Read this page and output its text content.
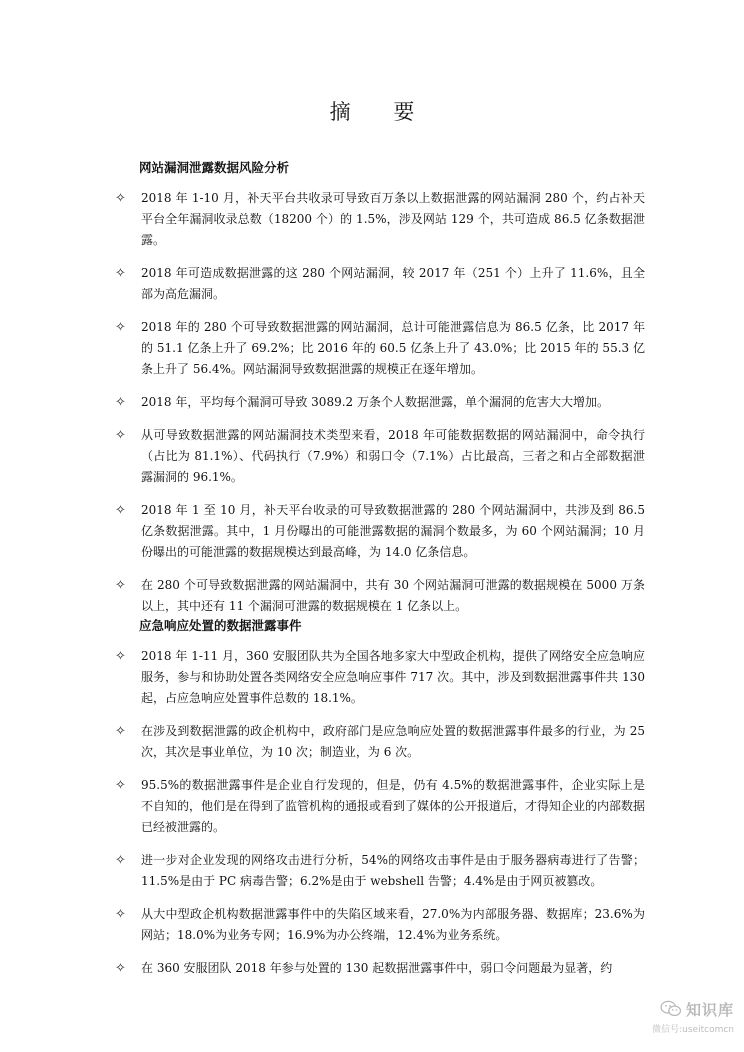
摘 要
网站漏洞泄露数据风险分析
✧ 2018 年 1-10 月，补天平台共收录可导致百万条以上数据泄露的网站漏洞 280 个，约占补天平台全年漏洞收录总数（18200 个）的 1.5%，涉及网站 129 个，共可造成 86.5 亿条数据泄露。
✧ 2018 年可造成数据泄露的这 280 个网站漏洞，较 2017 年（251 个）上升了 11.6%，且全部为高危漏洞。
✧ 2018 年的 280 个可导致数据泄露的网站漏洞，总计可能泄露信息为 86.5 亿条，比 2017 年的 51.1 亿条上升了 69.2%；比 2016 年的 60.5 亿条上升了 43.0%；比 2015 年的 55.3 亿条上升了 56.4%。网站漏洞导致数据泄露的规模正在逐年增加。
✧ 2018 年，平均每个漏洞可导致 3089.2 万条个人数据泄露，单个漏洞的危害大大增加。
✧ 从可导致数据泄露的网站漏洞技术类型来看，2018 年可能数据数据的网站漏洞中，命令执行（占比为 81.1%）、代码执行（7.9%）和弱口令（7.1%）占比最高，三者之和占全部数据泄露漏洞的 96.1%。
✧ 2018 年 1 至 10 月，补天平台收录的可导致数据泄露的 280 个网站漏洞中，共涉及到 86.5 亿条数据泄露。其中，1 月份曝出的可能泄露数据的漏洞个数最多，为 60 个网站漏洞；10 月份曝出的可能泄露的数据规模达到最高峰，为 14.0 亿条信息。
✧ 在 280 个可导致数据泄露的网站漏洞中，共有 30 个网站漏洞可泄露的数据规模在 5000 万条以上，其中还有 11 个漏洞可泄露的数据规模在 1 亿条以上。
应急响应处置的数据泄露事件
✧ 2018 年 1-11 月，360 安服团队共为全国各地多家大中型政企机构，提供了网络安全应急响应服务，参与和协助处置各类网络安全应急响应事件 717 次。其中，涉及到数据泄露事件共 130 起，占应急响应处置事件总数的 18.1%。
✧ 在涉及到数据泄露的政企机构中，政府部门是应急响应处置的数据泄露事件最多的行业，为 25 次，其次是事业单位，为 10 次；制造业，为 6 次。
✧ 95.5%的数据泄露事件是企业自行发现的，但是，仍有 4.5%的数据泄露事件，企业实际上是不自知的，他们是在得到了监管机构的通报或看到了媒体的公开报道后，才得知企业的内部数据已经被泄露的。
✧ 进一步对企业发现的网络攻击进行分析，54%的网络攻击事件是由于服务器病毒进行了告警；11.5%是由于 PC 病毒告警；6.2%是由于 webshell 告警；4.4%是由于网页被篡改。
✧ 从大中型政企机构数据泄露事件中的失陷区域来看，27.0%为内部服务器、数据库；23.6%为网站；18.0%为业务专网；16.9%为办公终端，12.4%为业务系统。
✧ 在 360 安服团队 2018 年参与处置的 130 起数据泄露事件中，弱口令问题最为显著，约
知识库
微信号:useitcomcn
